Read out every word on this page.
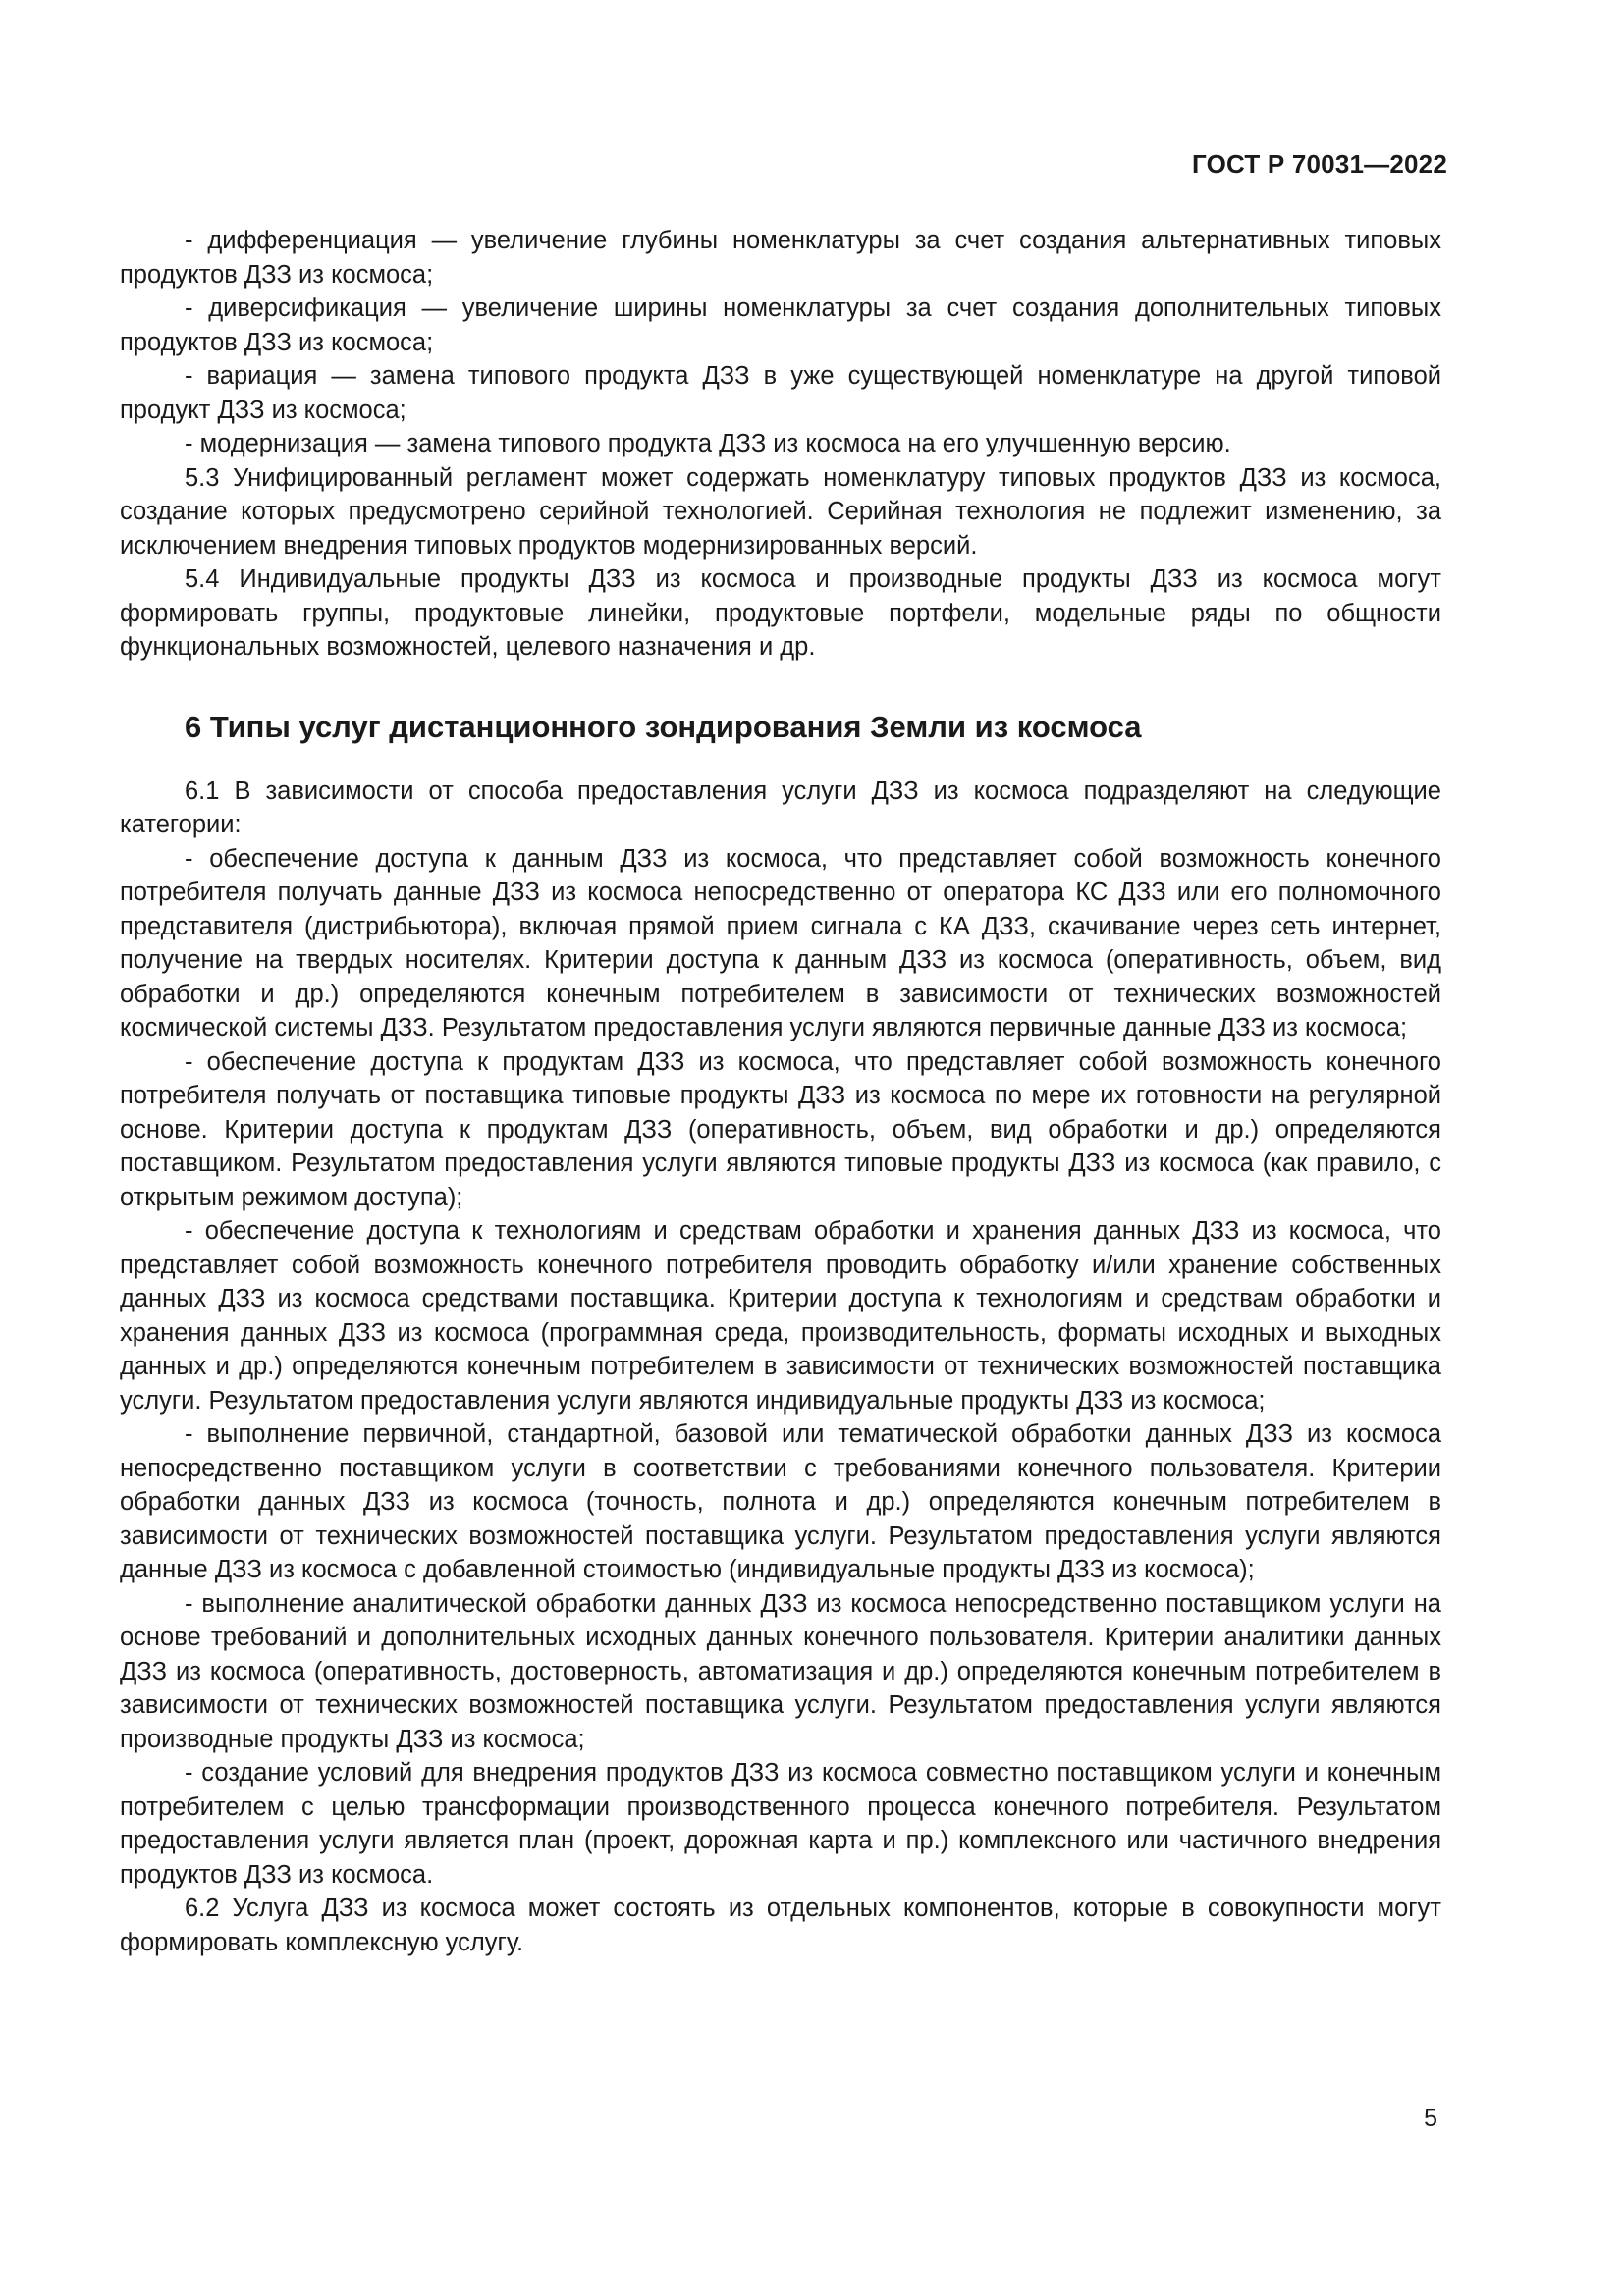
ГОСТ Р 70031—2022

- дифференциация — увеличение глубины номенклатуры за счет создания альтернативных типовых продуктов ДЗЗ из космоса;

- диверсификация — увеличение ширины номенклатуры за счет создания дополнительных типовых продуктов ДЗЗ из космоса;

- вариация — замена типового продукта ДЗЗ в уже существующей номенклатуре на другой типовой продукт ДЗЗ из космоса;

- модернизация — замена типового продукта ДЗЗ из космоса на его улучшенную версию.

5.3 Унифицированный регламент может содержать номенклатуру типовых продуктов ДЗЗ из космоса, создание которых предусмотрено серийной технологией. Серийная технология не подлежит изменению, за исключением внедрения типовых продуктов модернизированных версий.

5.4 Индивидуальные продукты ДЗЗ из космоса и производные продукты ДЗЗ из космоса могут формировать группы, продуктовые линейки, продуктовые портфели, модельные ряды по общности функциональных возможностей, целевого назначения и др.

6 Типы услуг дистанционного зондирования Земли из космоса

6.1 В зависимости от способа предоставления услуги ДЗЗ из космоса подразделяют на следующие категории:

- обеспечение доступа к данным ДЗЗ из космоса, что представляет собой возможность конечного потребителя получать данные ДЗЗ из космоса непосредственно от оператора КС ДЗЗ или его полномочного представителя (дистрибьютора), включая прямой прием сигнала с КА ДЗЗ, скачивание через сеть интернет, получение на твердых носителях. Критерии доступа к данным ДЗЗ из космоса (оперативность, объем, вид обработки и др.) определяются конечным потребителем в зависимости от технических возможностей космической системы ДЗЗ. Результатом предоставления услуги являются первичные данные ДЗЗ из космоса;

- обеспечение доступа к продуктам ДЗЗ из космоса, что представляет собой возможность конечного потребителя получать от поставщика типовые продукты ДЗЗ из космоса по мере их готовности на регулярной основе. Критерии доступа к продуктам ДЗЗ (оперативность, объем, вид обработки и др.) определяются поставщиком. Результатом предоставления услуги являются типовые продукты ДЗЗ из космоса (как правило, с открытым режимом доступа);

- обеспечение доступа к технологиям и средствам обработки и хранения данных ДЗЗ из космоса, что представляет собой возможность конечного потребителя проводить обработку и/или хранение собственных данных ДЗЗ из космоса средствами поставщика. Критерии доступа к технологиям и средствам обработки и хранения данных ДЗЗ из космоса (программная среда, производительность, форматы исходных и выходных данных и др.) определяются конечным потребителем в зависимости от технических возможностей поставщика услуги. Результатом предоставления услуги являются индивидуальные продукты ДЗЗ из космоса;

- выполнение первичной, стандартной, базовой или тематической обработки данных ДЗЗ из космоса непосредственно поставщиком услуги в соответствии с требованиями конечного пользователя. Критерии обработки данных ДЗЗ из космоса (точность, полнота и др.) определяются конечным потребителем в зависимости от технических возможностей поставщика услуги. Результатом предоставления услуги являются данные ДЗЗ из космоса с добавленной стоимостью (индивидуальные продукты ДЗЗ из космоса);

- выполнение аналитической обработки данных ДЗЗ из космоса непосредственно поставщиком услуги на основе требований и дополнительных исходных данных конечного пользователя. Критерии аналитики данных ДЗЗ из космоса (оперативность, достоверность, автоматизация и др.) определяются конечным потребителем в зависимости от технических возможностей поставщика услуги. Результатом предоставления услуги являются производные продукты ДЗЗ из космоса;

- создание условий для внедрения продуктов ДЗЗ из космоса совместно поставщиком услуги и конечным потребителем с целью трансформации производственного процесса конечного потребителя. Результатом предоставления услуги является план (проект, дорожная карта и пр.) комплексного или частичного внедрения продуктов ДЗЗ из космоса.

6.2 Услуга ДЗЗ из космоса может состоять из отдельных компонентов, которые в совокупности могут формировать комплексную услугу.

5
